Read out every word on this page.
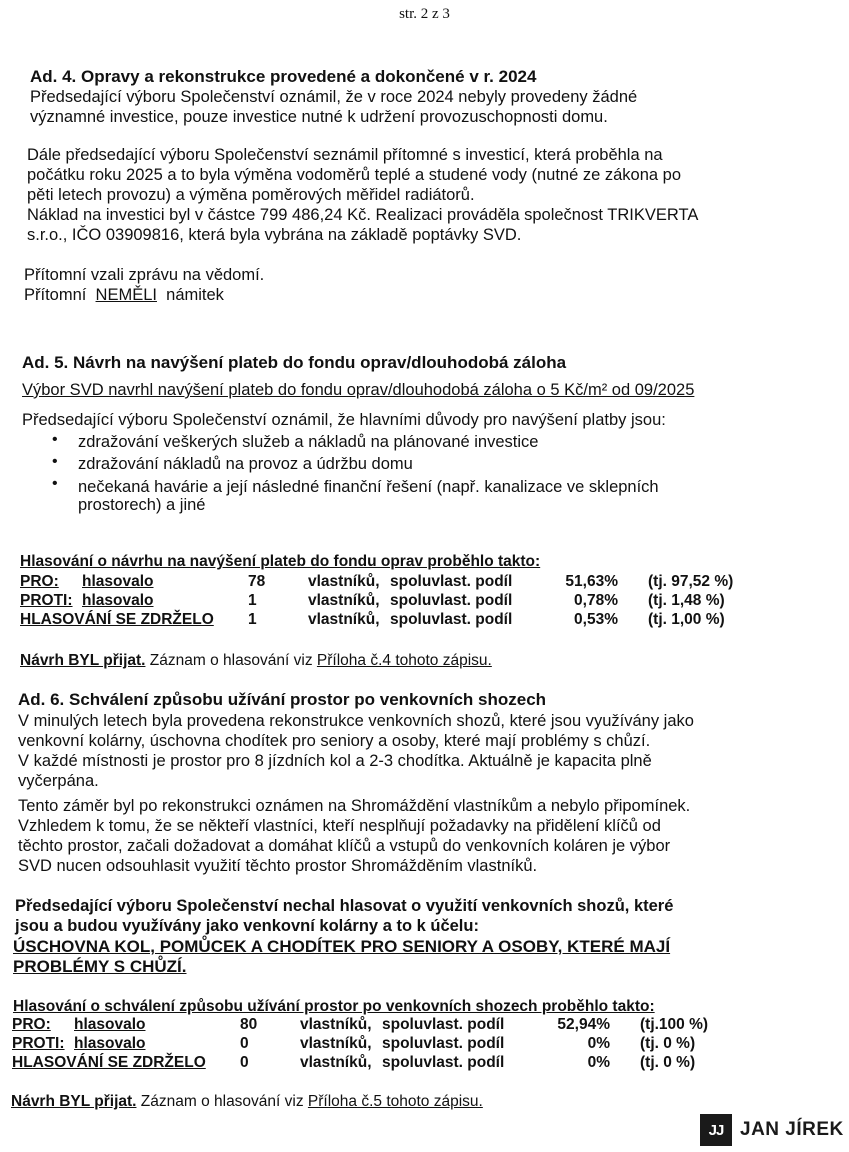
str. 2 z 3
Ad. 4. Opravy a rekonstrukce provedené a dokončené v r. 2024
Předsedající výboru Společenství oznámil, že v roce 2024 nebyly provedeny žádné
významné investice, pouze investice nutné k udržení provozuschopnosti domu.
Dále předsedající výboru Společenství seznámil přítomné s investicí, která proběhla na
počátku roku 2025 a to byla výměna vodoměrů teplé a studené vody (nutné ze zákona po
pěti letech provozu) a výměna poměrových měřidel radiátorů.
Náklad na investici byl v částce 799 486,24 Kč. Realizaci prováděla společnost TRIKVERTA
s.r.o., IČO 03909816, která byla vybrána na základě poptávky SVD.
Přítomní vzali zprávu na vědomí.
Přítomní NEMĚLI námitek
Ad. 5. Návrh na navýšení plateb do fondu oprav/dlouhodobá záloha
Výbor SVD navrhl navýšení plateb do fondu oprav/dlouhodobá záloha o 5 Kč/m² od 09/2025
Předsedající výboru Společenství oznámil, že hlavními důvody pro navýšení platby jsou:
• zdražování veškerých služeb a nákladů na plánované investice
• zdražování nákladů na provoz a údržbu domu
• nečekaná havárie a její následné finanční řešení (např. kanalizace ve sklepních
prostorech) a jiné
Hlasování o návrhu na navýšení plateb do fondu oprav proběhlo takto:
PRO: hlasovalo	78	vlastníků, spoluvlast. podíl	51,63% (tj. 97,52 %)
PROTI: hlasovalo	1	vlastníků, spoluvlast. podíl	0,78% (tj. 1,48 %)
HLASOVÁNÍ SE ZDRŽELO 1	vlastníků, spoluvlast. podíl	0,53% (tj. 1,00 %)
Návrh BYL přijat. Záznam o hlasování viz Příloha č.4 tohoto zápisu.
Ad. 6. Schválení způsobu užívání prostor po venkovních shozech
V minulých letech byla provedena rekonstrukce venkovních shozů, které jsou využívány jako
venkovní kolárny, úschovna chodítek pro seniory a osoby, které mají problémy s chůzí.
V každé místnosti je prostor pro 8 jízdních kol a 2-3 chodítka. Aktuálně je kapacita plně
vyčerpána.
Tento záměr byl po rekonstrukci oznámen na Shromáždění vlastníkům a nebylo připomínek.
Vzhledem k tomu, že se někteří vlastníci, kteří nesplňují požadavky na přidělení klíčů od
těchto prostor, začali dožadovat a domáhat klíčů a vstupů do venkovních koláren je výbor
SVD nucen odsouhlasit využití těchto prostor Shromážděním vlastníků.
Předsedající výboru Společenství nechal hlasovat o využití venkovních shozů, které
jsou a budou využívány jako venkovní kolárny a to k účelu:
ÚSCHOVNA KOL, POMŮCEK A CHODÍTEK PRO SENIORY A OSOBY, KTERÉ MAJÍ
PROBLÉMY S CHŮZÍ.
Hlasování o schválení způsobu užívání prostor po venkovních shozech proběhlo takto:
PRO: hlasovalo	80	vlastníků, spoluvlast. podíl	52,94% (tj.100 %)
PROTI: hlasovalo	0	vlastníků, spoluvlast. podíl	0% (tj. 0 %)
HLASOVÁNÍ SE ZDRŽELO 0	vlastníků, spoluvlast. podíl	0% (tj. 0 %)
Návrh BYL přijat. Záznam o hlasování viz Příloha č.5 tohoto zápisu.
JJ JAN JÍREK
